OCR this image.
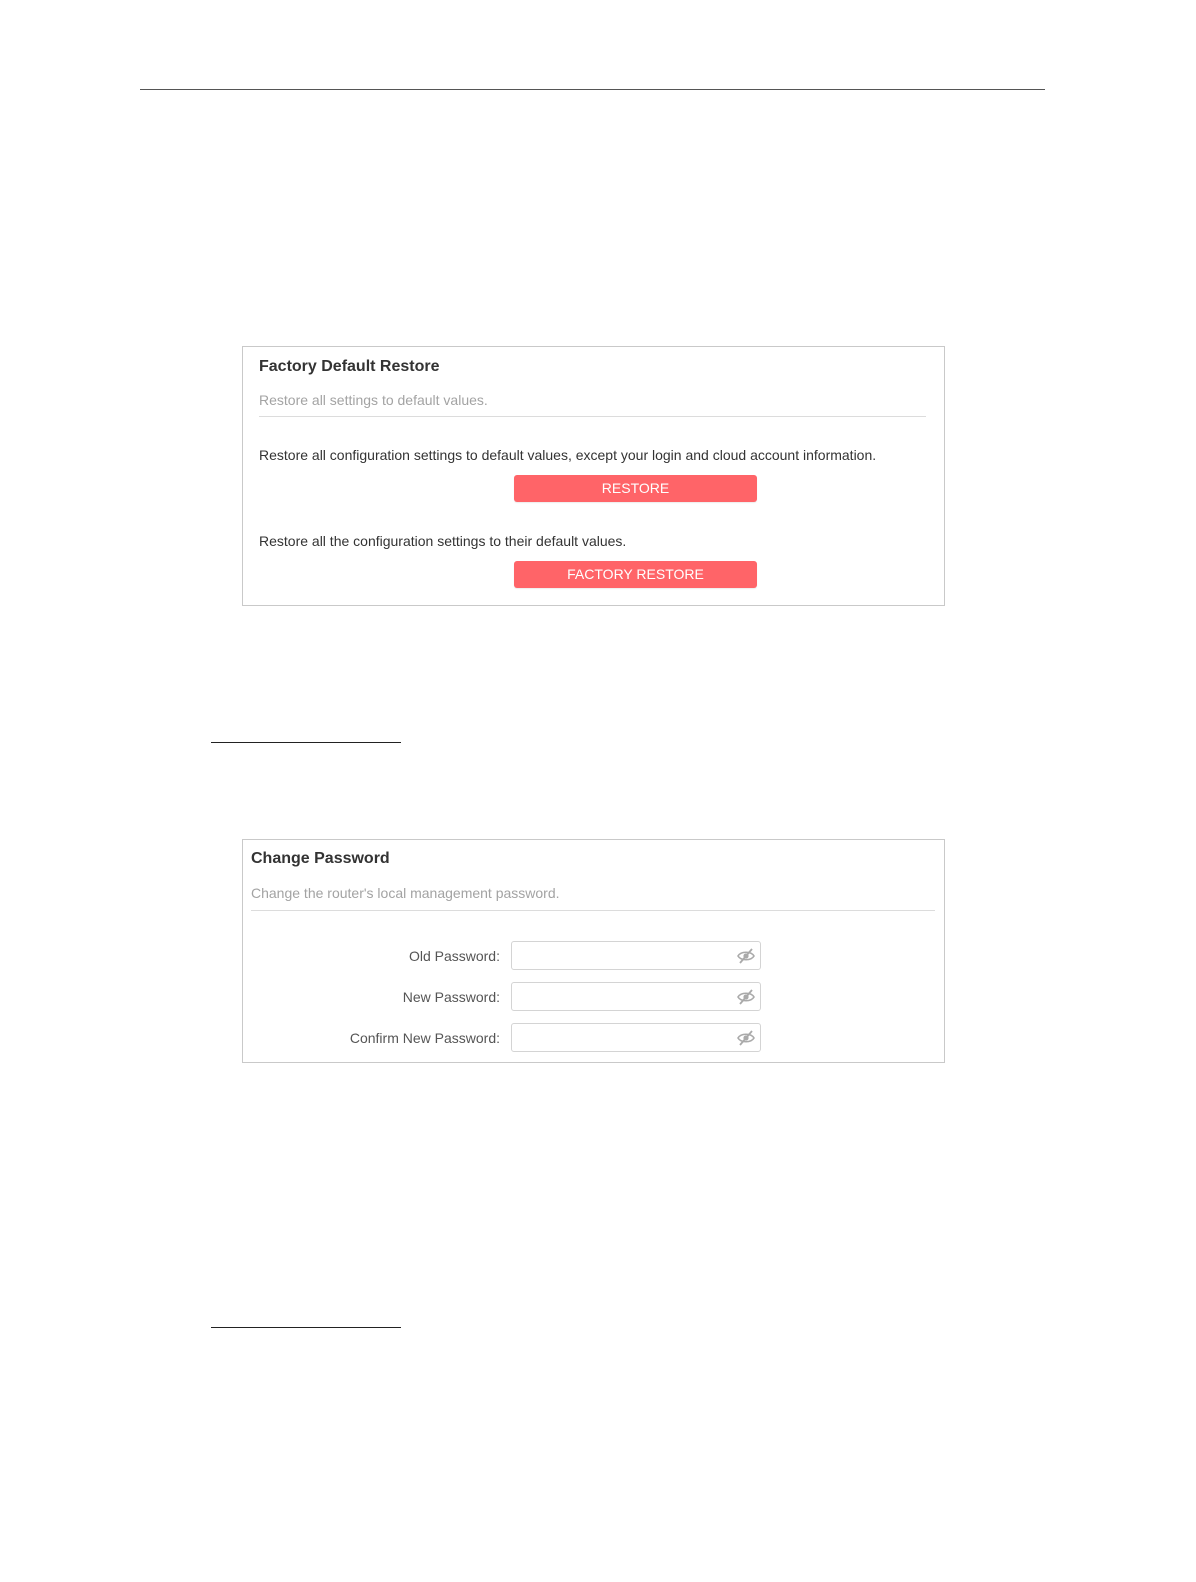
Factory Default Restore
Restore all settings to default values.
Restore all configuration settings to default values, except your login and cloud account information.
RESTORE
Restore all the configuration settings to their default values.
FACTORY RESTORE
Change Password
Change the router's local management password.
Old Password:
New Password:
Confirm New Password:
